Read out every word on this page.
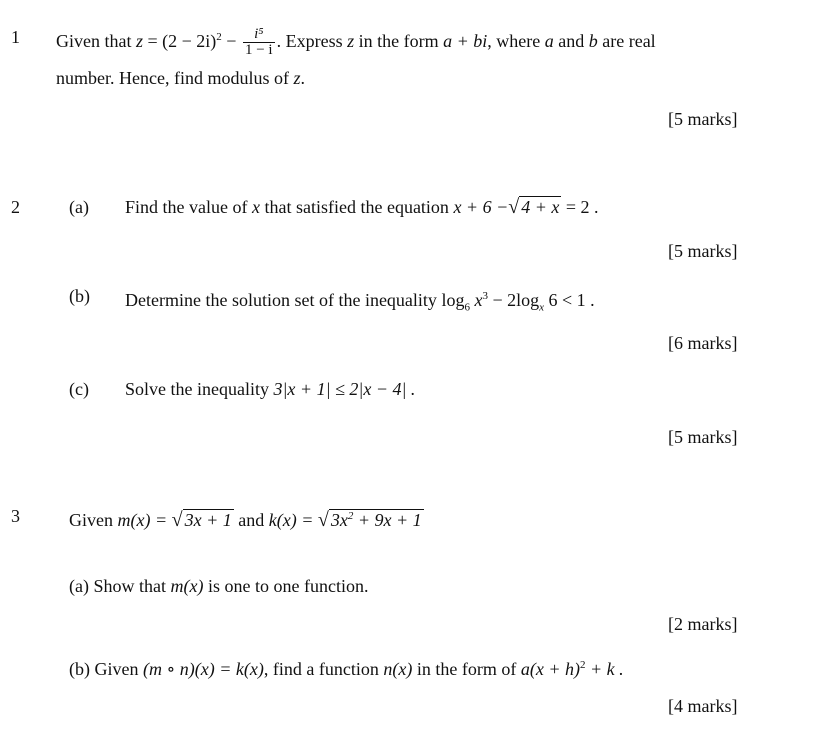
1 Given that $z = (2 - 2i)^2 - \frac{\text{i⁵}}{1 - i}$ . Express z in the form a + bi, where a and b are real
number. Hence, find modulus of z.
[5 marks]
2	(a) Find the value of x that satisfied the equation x + 6 −√ 4 + x = 2 .
[5 marks]
(b) Determine the solution set of the inequality $\log_6 x^3 - 2\log_x$ 6 < 1 .
[6 marks]
(c) Solve the inequality 3|x + 1| ≤ 2|x − 4| .
[5 marks]
3	Given m(x) = √ 3x + 1 and k(x) = √ $3x^2 + 9x + 1$
(a) Show that m(x) is one to one function.
[2 marks]
(b) Given (m ∘ n)(x) = k(x), find a function n(x) in the form of $a(x + h)^2 + k$ .
[4 marks]
